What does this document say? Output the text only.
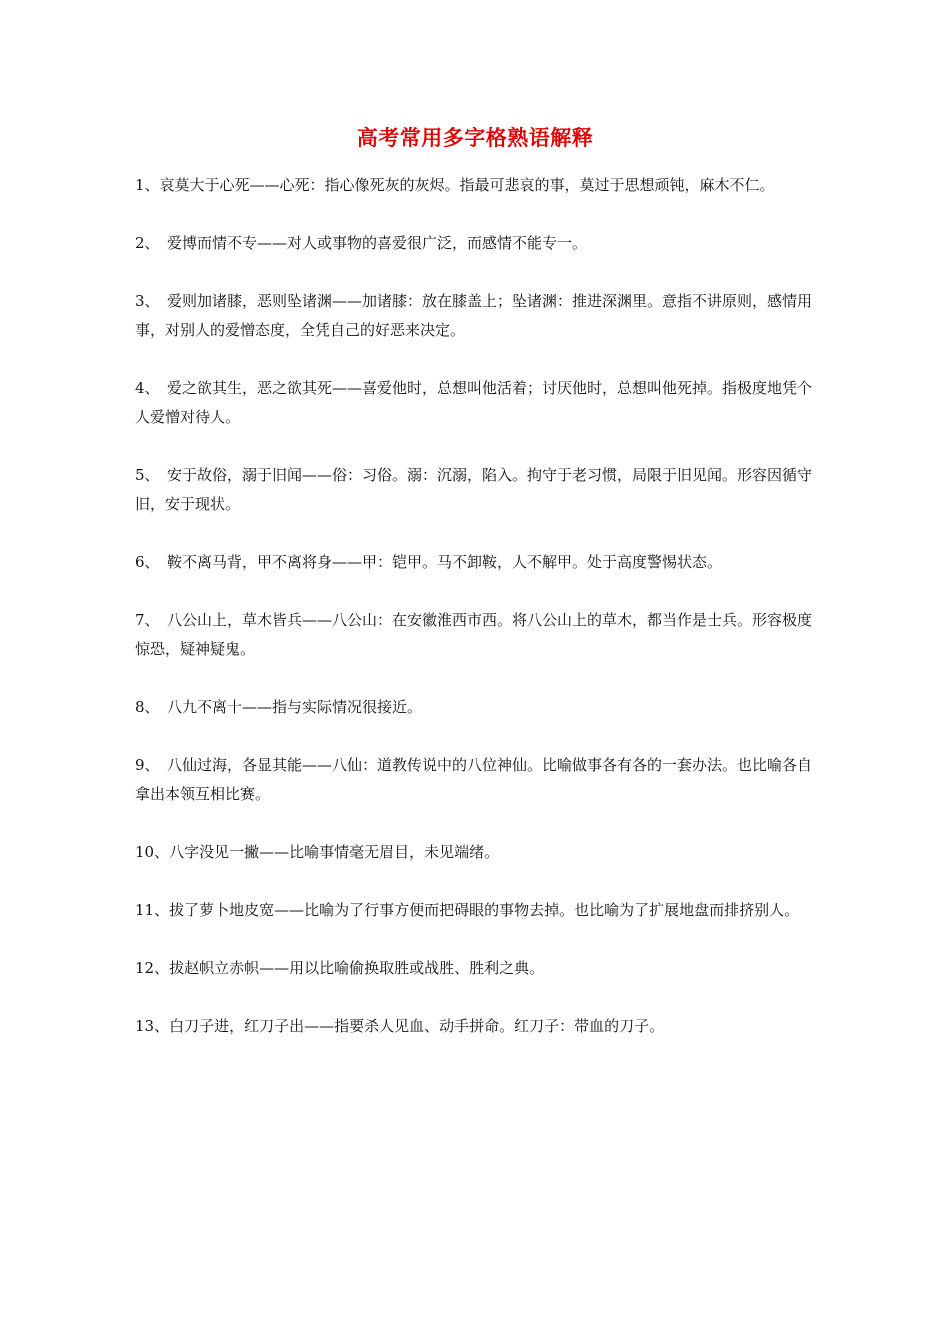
高考常用多字格熟语解释
1、哀莫大于心死——心死：指心像死灰的灰烬。指最可悲哀的事，莫过于思想顽钝，麻木不仁。
2、　爱博而情不专——对人或事物的喜爱很广泛，而感情不能专一。
3、　爱则加诸膝，恶则坠诸渊——加诸膝：放在膝盖上；坠诸渊：推进深渊里。意指不讲原则，感情用事，对别人的爱憎态度，全凭自己的好恶来决定。
4、　爱之欲其生，恶之欲其死——喜爱他时，总想叫他活着；讨厌他时，总想叫他死掉。指极度地凭个人爱憎对待人。
5、　安于故俗，溺于旧闻——俗：习俗。溺：沉溺，陷入。拘守于老习惯，局限于旧见闻。形容因循守旧，安于现状。
6、　鞍不离马背，甲不离将身——甲：铠甲。马不卸鞍，人不解甲。处于高度警惕状态。
7、　八公山上，草木皆兵——八公山：在安徽淮西市西。将八公山上的草木，都当作是士兵。形容极度惊恐，疑神疑鬼。
8、　八九不离十——指与实际情况很接近。
9、　八仙过海，各显其能——八仙：道教传说中的八位神仙。比喻做事各有各的一套办法。也比喻各自拿出本领互相比赛。
10、八字没见一撇——比喻事情毫无眉目，未见端绪。
11、拔了萝卜地皮宽——比喻为了行事方便而把碍眼的事物去掉。也比喻为了扩展地盘而排挤别人。
12、拔赵帜立赤帜——用以比喻偷换取胜或战胜、胜利之典。
13、白刀子进，红刀子出——指要杀人见血、动手拼命。红刀子：带血的刀子。
